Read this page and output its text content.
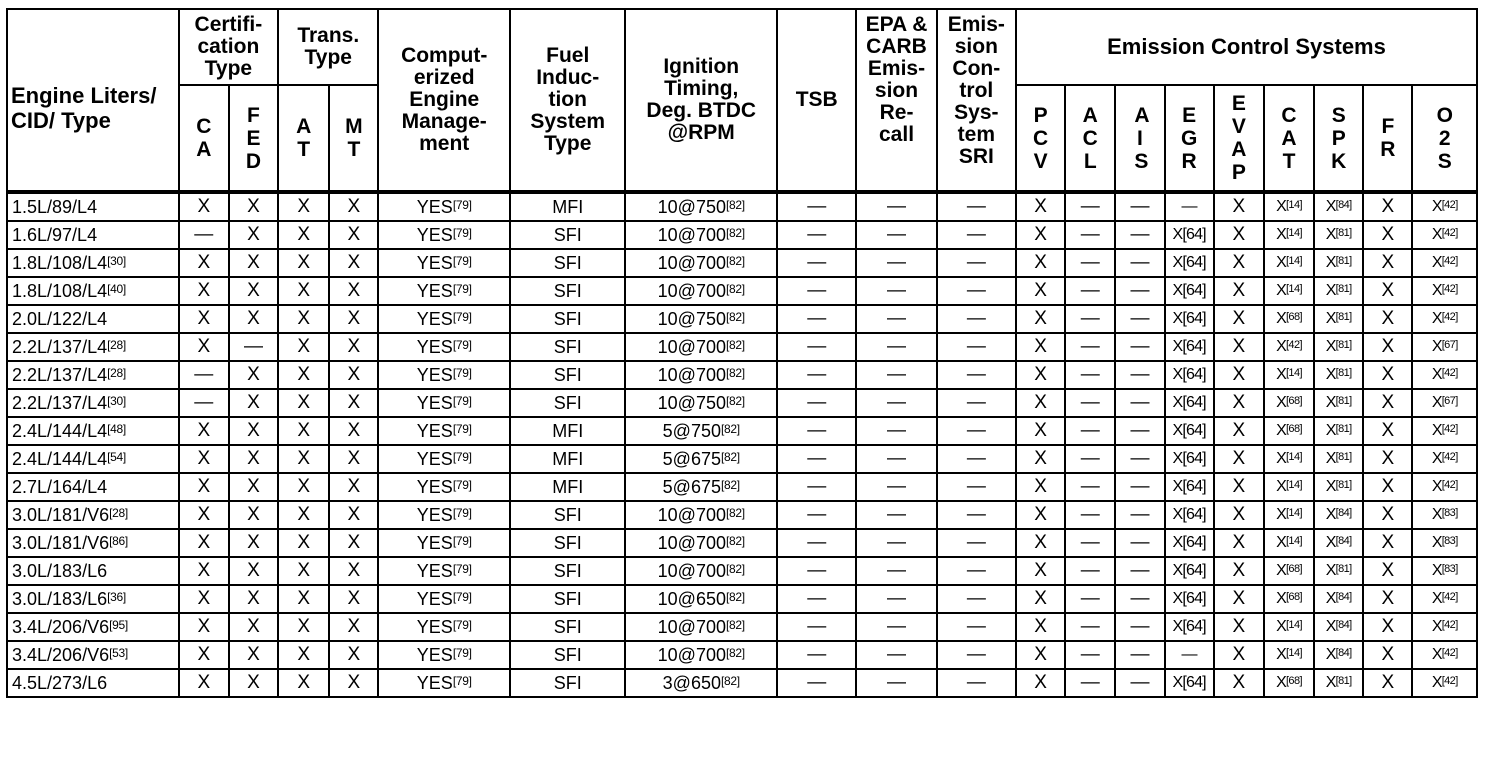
Engine Liters/ CID/ Type	Certifi- cation Type		Trans. Type		Comput- erized Engine Manage- ment	Fuel Induc- tion System Type	Ignition Timing, Deg. BTDC @RPM	TSB	EPA & CARB Emis- sion Re- call	Emis- sion Con- trol Sys- tem SRI	Emission Control Systems								
	C A	F E D	A T	M T							P C V	A C L	A I S	E G R	E V A P	C A T	S P K	F R	O 2 S
1.5L/89/L4	X	X	X	X	YES[79]	MFI	10@750[82]	—	—	—	X	—	—	—	X	X[14]	X[84]	X	X[42]
1.6L/97/L4	—	X	X	X	YES[79]	SFI	10@700[82]	—	—	—	X	—	—	X[64]	X	X[14]	X[81]	X	X[42]
1.8L/108/L4[30]	X	X	X	X	YES[79]	SFI	10@700[82]	—	—	—	X	—	—	X[64]	X	X[14]	X[81]	X	X[42]
1.8L/108/L4[40]	X	X	X	X	YES[79]	SFI	10@700[82]	—	—	—	X	—	—	X[64]	X	X[14]	X[81]	X	X[42]
2.0L/122/L4	X	X	X	X	YES[79]	SFI	10@750[82]	—	—	—	X	—	—	X[64]	X	X[68]	X[81]	X	X[42]
2.2L/137/L4[28]	X	—	X	X	YES[79]	SFI	10@700[82]	—	—	—	X	—	—	X[64]	X	X[42]	X[81]	X	X[67]
2.2L/137/L4[28]	—	X	X	X	YES[79]	SFI	10@700[82]	—	—	—	X	—	—	X[64]	X	X[14]	X[81]	X	X[42]
2.2L/137/L4[30]	—	X	X	X	YES[79]	SFI	10@750[82]	—	—	—	X	—	—	X[64]	X	X[68]	X[81]	X	X[67]
2.4L/144/L4[48]	X	X	X	X	YES[79]	MFI	5@750[82]	—	—	—	X	—	—	X[64]	X	X[68]	X[81]	X	X[42]
2.4L/144/L4[54]	X	X	X	X	YES[79]	MFI	5@675[82]	—	—	—	X	—	—	X[64]	X	X[14]	X[81]	X	X[42]
2.7L/164/L4	X	X	X	X	YES[79]	MFI	5@675[82]	—	—	—	X	—	—	X[64]	X	X[14]	X[81]	X	X[42]
3.0L/181/V6[28]	X	X	X	X	YES[79]	SFI	10@700[82]	—	—	—	X	—	—	X[64]	X	X[14]	X[84]	X	X[83]
3.0L/181/V6[86]	X	X	X	X	YES[79]	SFI	10@700[82]	—	—	—	X	—	—	X[64]	X	X[14]	X[84]	X	X[83]
3.0L/183/L6	X	X	X	X	YES[79]	SFI	10@700[82]	—	—	—	X	—	—	X[64]	X	X[68]	X[81]	X	X[83]
3.0L/183/L6[36]	X	X	X	X	YES[79]	SFI	10@650[82]	—	—	—	X	—	—	X[64]	X	X[68]	X[84]	X	X[42]
3.4L/206/V6[95]	X	X	X	X	YES[79]	SFI	10@700[82]	—	—	—	X	—	—	X[64]	X	X[14]	X[84]	X	X[42]
3.4L/206/V6[53]	X	X	X	X	YES[79]	SFI	10@700[82]	—	—	—	X	—	—	—	X	X[14]	X[84]	X	X[42]
4.5L/273/L6	X	X	X	X	YES[79]	SFI	3@650[82]	—	—	—	X	—	—	X[64]	X	X[68]	X[81]	X	X[42]
